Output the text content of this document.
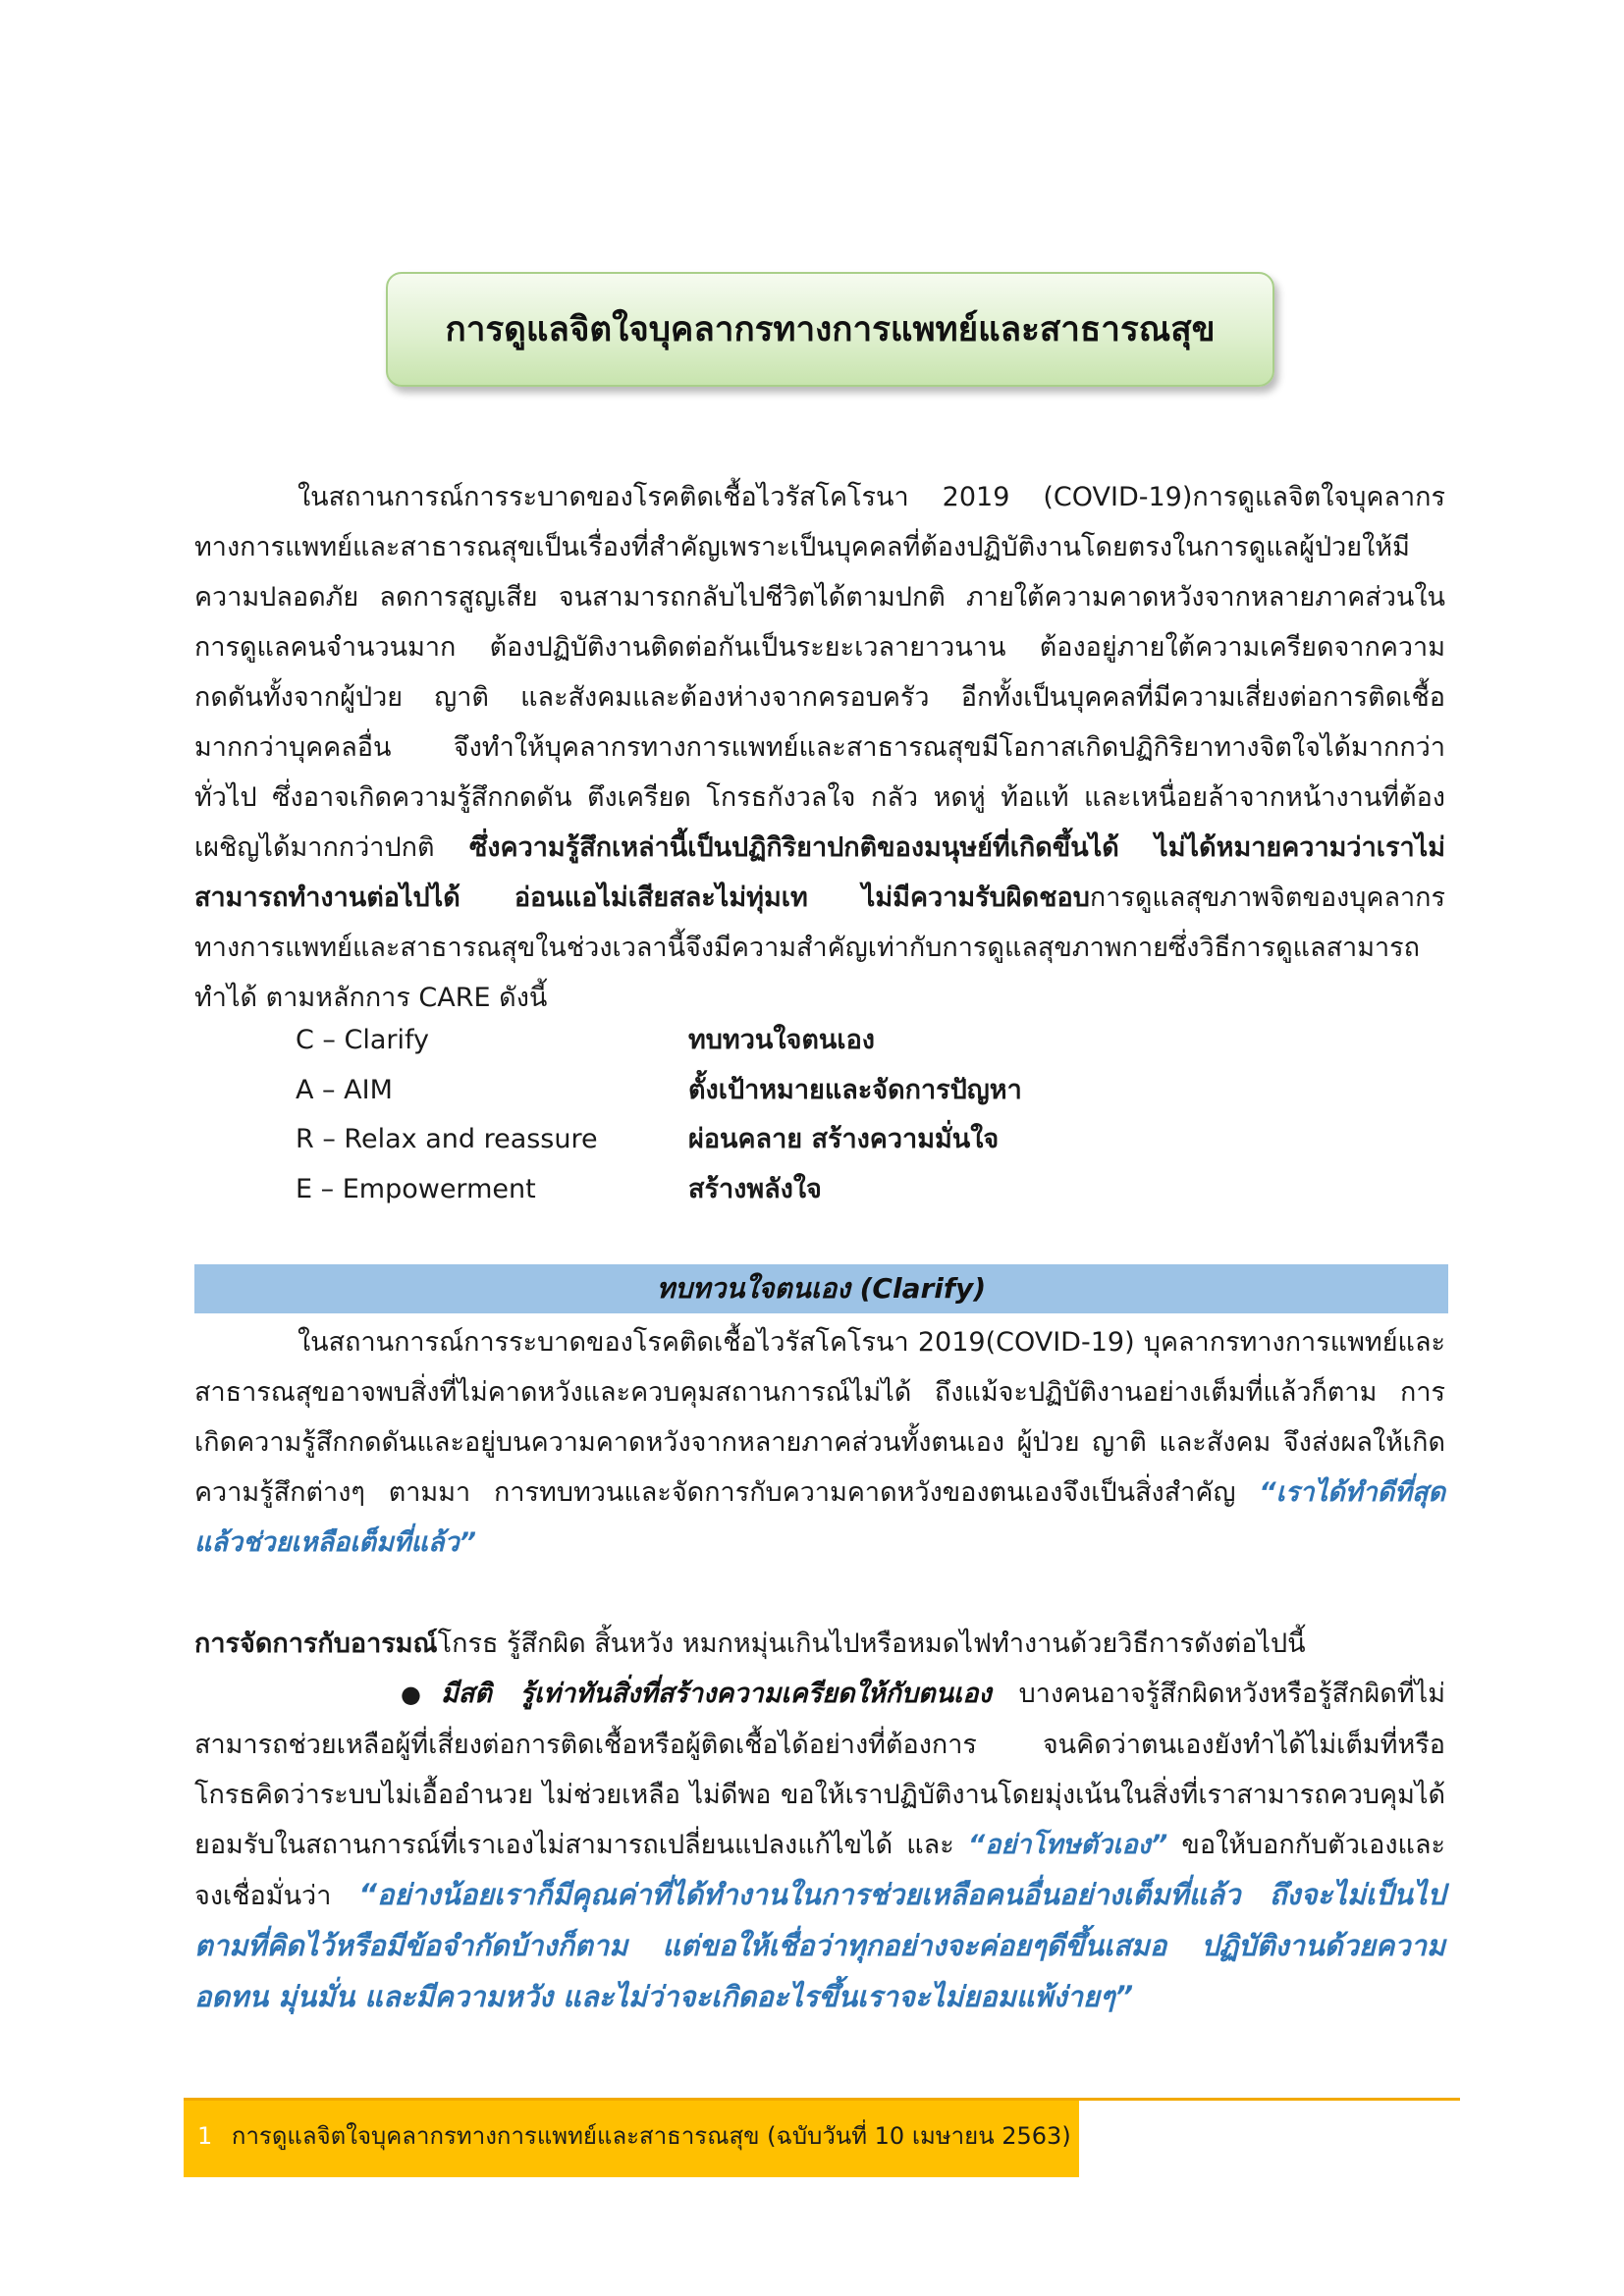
การดูแลจิตใจบุคลากรทางการแพทย์และสาธารณสุข

ในสถานการณ์การระบาดของโรคติดเชื้อไวรัสโคโรนา 2019 (COVID-19)การดูแลจิตใจบุคลากรทางการแพทย์และสาธารณสุขเป็นเรื่องที่สำคัญเพราะเป็นบุคคลที่ต้องปฏิบัติงานโดยตรงในการดูแลผู้ป่วยให้มีความปลอดภัย ลดการสูญเสีย จนสามารถกลับไปชีวิตได้ตามปกติ ภายใต้ความคาดหวังจากหลายภาคส่วนในการดูแลคนจำนวนมาก ต้องปฏิบัติงานติดต่อกันเป็นระยะเวลายาวนาน ต้องอยู่ภายใต้ความเครียดจากความกดดันทั้งจากผู้ป่วย ญาติ และสังคมและต้องห่างจากครอบครัว อีกทั้งเป็นบุคคลที่มีความเสี่ยงต่อการติดเชื้อมากกว่าบุคคลอื่น จึงทำให้บุคลากรทางการแพทย์และสาธารณสุขมีโอกาสเกิดปฏิกิริยาทางจิตใจได้มากกว่าทั่วไป ซึ่งอาจเกิดความรู้สึกกดดัน ตึงเครียด โกรธกังวลใจ กลัว หดหู่ ท้อแท้ และเหนื่อยล้าจากหน้างานที่ต้องเผชิญได้มากกว่าปกติ ซึ่งความรู้สึกเหล่านี้เป็นปฏิกิริยาปกติของมนุษย์ที่เกิดขึ้นได้ ไม่ได้หมายความว่าเราไม่สามารถทำงานต่อไปได้ อ่อนแอไม่เสียสละไม่ทุ่มเท ไม่มีความรับผิดชอบการดูแลสุขภาพจิตของบุคลากรทางการแพทย์และสาธารณสุขในช่วงเวลานี้จึงมีความสำคัญเท่ากับการดูแลสุขภาพกายซึ่งวิธีการดูแลสามารถทำได้ ตามหลักการ CARE ดังนี้

C – Clarify	ทบทวนใจตนเอง
A – AIM	ตั้งเป้าหมายและจัดการปัญหา
R – Relax and reassure	ผ่อนคลาย สร้างความมั่นใจ
E – Empowerment	สร้างพลังใจ
ทบทวนใจตนเอง (Clarify)

ในสถานการณ์การระบาดของโรคติดเชื้อไวรัสโคโรนา 2019(COVID-19) บุคลากรทางการแพทย์และสาธารณสุขอาจพบสิ่งที่ไม่คาดหวังและควบคุมสถานการณ์ไม่ได้ ถึงแม้จะปฏิบัติงานอย่างเต็มที่แล้วก็ตาม การเกิดความรู้สึกกดดันและอยู่บนความคาดหวังจากหลายภาคส่วนทั้งตนเอง ผู้ป่วย ญาติ และสังคม จึงส่งผลให้เกิดความรู้สึกต่างๆ ตามมา การทบทวนและจัดการกับความคาดหวังของตนเองจึงเป็นสิ่งสำคัญ “เราได้ทำดีที่สุดแล้วช่วยเหลือเต็มที่แล้ว”

การจัดการกับอารมณ์โกรธ รู้สึกผิด สิ้นหวัง หมกหมุ่นเกินไปหรือหมดไฟทำงานด้วยวิธีการดังต่อไปนี้

● มีสติ รู้เท่าทันสิ่งที่สร้างความเครียดให้กับตนเอง บางคนอาจรู้สึกผิดหวังหรือรู้สึกผิดที่ไม่สามารถช่วยเหลือผู้ที่เสี่ยงต่อการติดเชื้อหรือผู้ติดเชื้อได้อย่างที่ต้องการ จนคิดว่าตนเองยังทำได้ไม่เต็มที่หรือโกรธคิดว่าระบบไม่เอื้ออำนวย ไม่ช่วยเหลือ ไม่ดีพอ ขอให้เราปฏิบัติงานโดยมุ่งเน้นในสิ่งที่เราสามารถควบคุมได้ ยอมรับในสถานการณ์ที่เราเองไม่สามารถเปลี่ยนแปลงแก้ไขได้ และ “อย่าโทษตัวเอง” ขอให้บอกกับตัวเองและจงเชื่อมั่นว่า “อย่างน้อยเราก็มีคุณค่าที่ได้ทำงานในการช่วยเหลือคนอื่นอย่างเต็มที่แล้ว ถึงจะไม่เป็นไปตามที่คิดไว้หรือมีข้อจำกัดบ้างก็ตาม แต่ขอให้เชื่อว่าทุกอย่างจะค่อยๆดีขึ้นเสมอ ปฏิบัติงานด้วยความอดทน มุ่นมั่น และมีความหวัง และไม่ว่าจะเกิดอะไรขึ้นเราจะไม่ยอมแพ้ง่ายๆ”

1 การดูแลจิตใจบุคลากรทางการแพทย์และสาธารณสุข (ฉบับวันที่ 10 เมษายน 2563)
